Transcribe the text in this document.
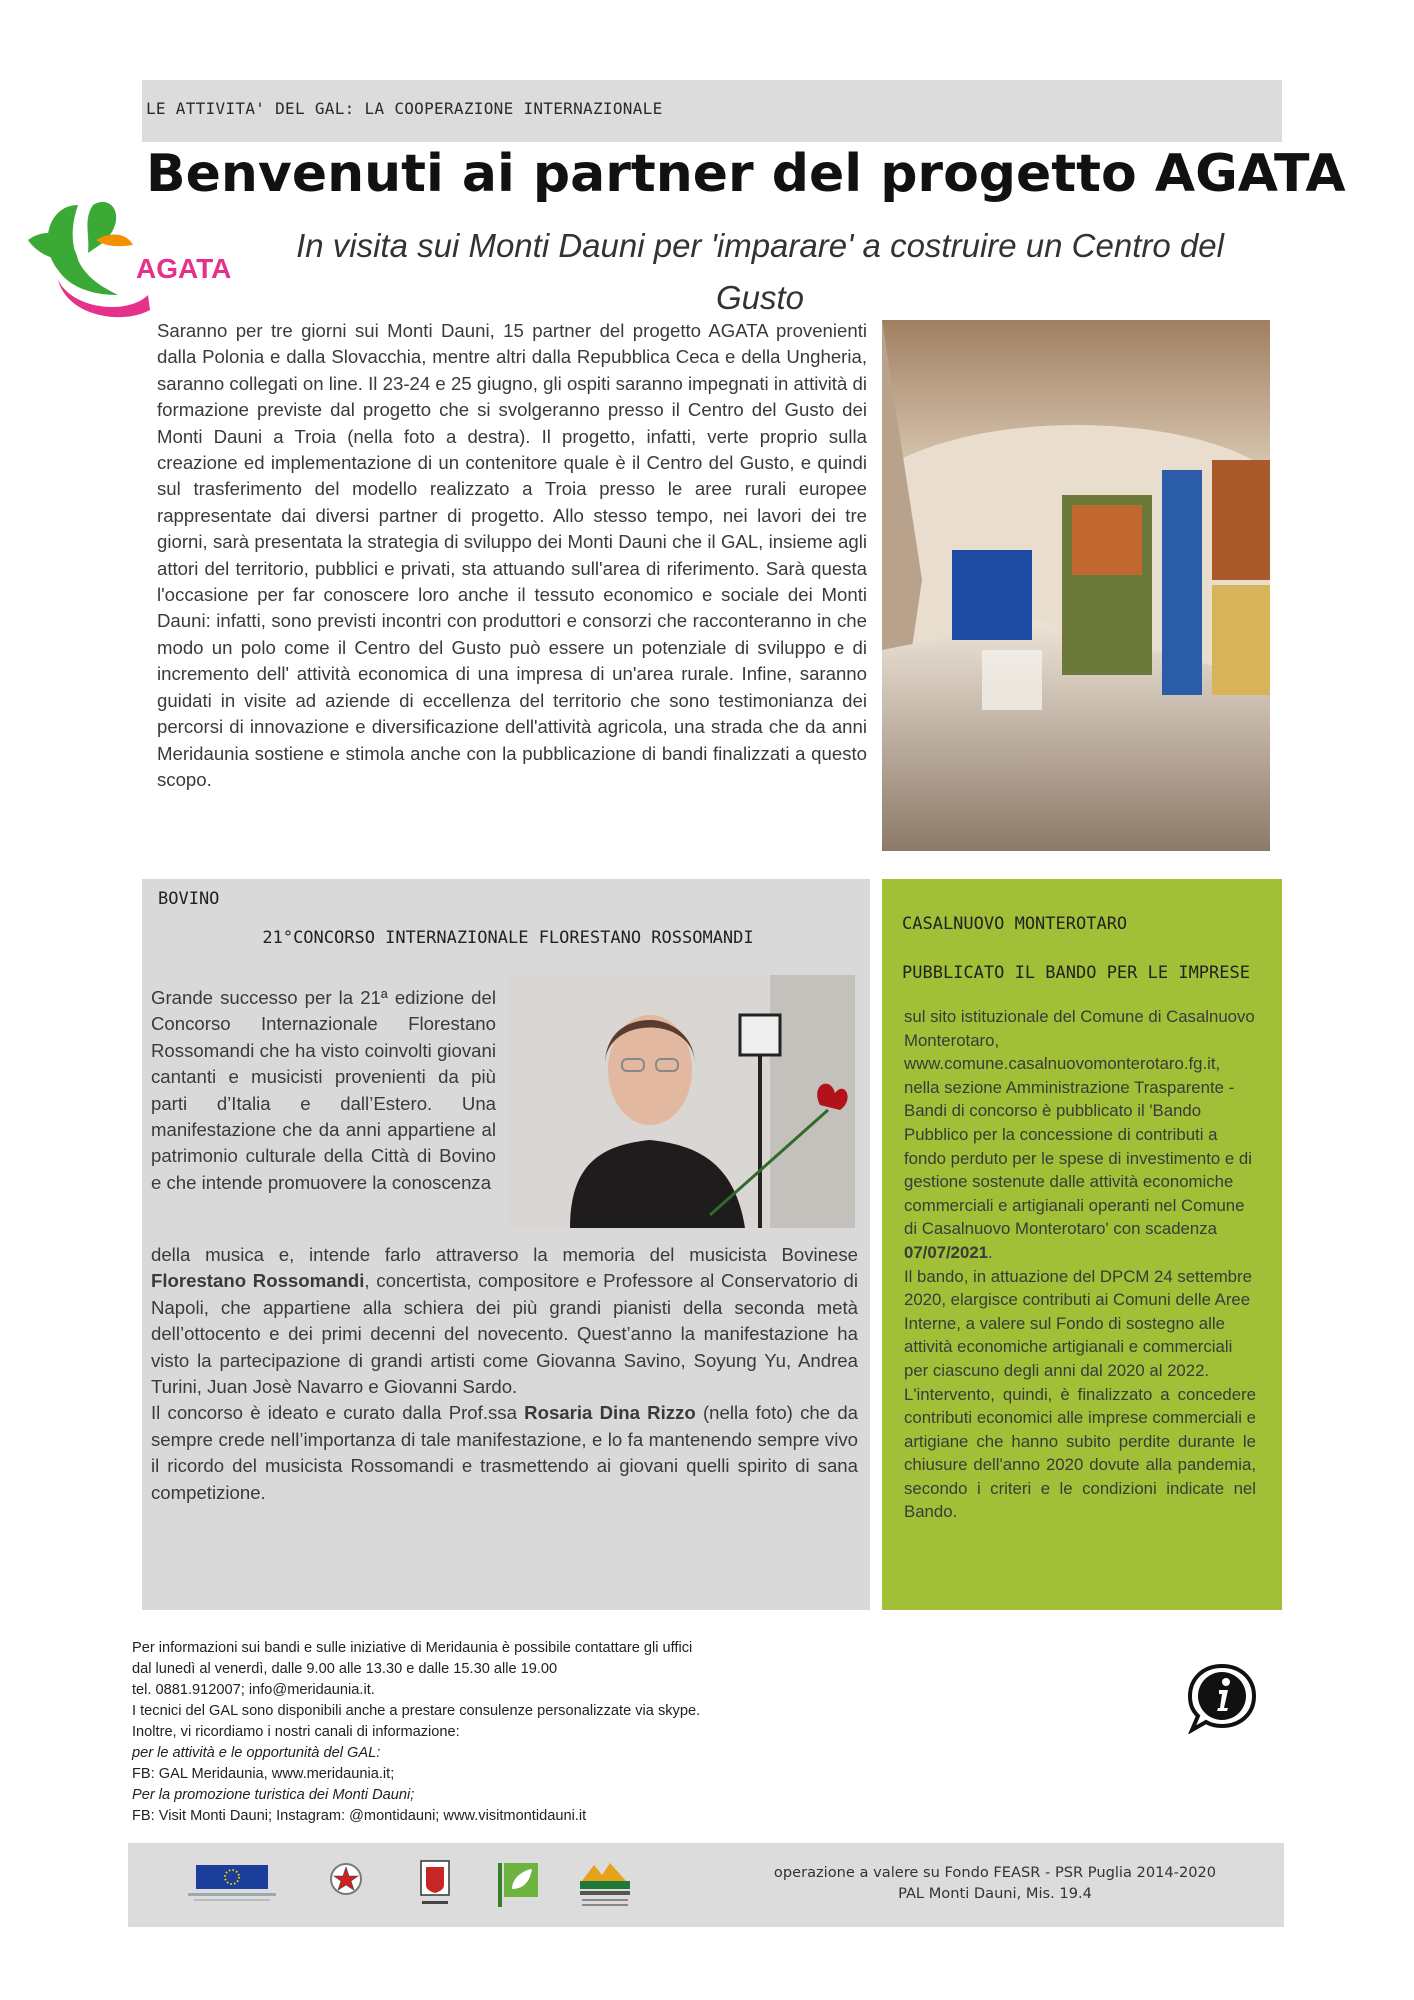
LE ATTIVITA' DEL GAL: LA COOPERAZIONE INTERNAZIONALE
Benvenuti ai partner del progetto AGATA
AGATA
In visita sui Monti Dauni per 'imparare' a costruire un Centro del Gusto
Saranno per tre giorni sui Monti Dauni, 15 partner del progetto AGATA provenienti dalla Polonia e dalla Slovacchia, mentre altri dalla Repubblica Ceca e della Ungheria, saranno collegati on line. Il 23-24 e 25 giugno, gli ospiti saranno impegnati in attività di formazione previste dal progetto che si svolgeranno presso il Centro del Gusto dei Monti Dauni a Troia (nella foto a destra). Il progetto, infatti, verte proprio sulla creazione ed implementazione di un contenitore quale è il Centro del Gusto, e quindi sul trasferimento del modello realizzato a Troia presso le aree rurali europee rappresentate dai diversi partner di progetto. Allo stesso tempo, nei lavori dei tre giorni, sarà presentata la strategia di sviluppo dei Monti Dauni che il GAL, insieme agli attori del territorio, pubblici e privati, sta attuando sull'area di riferimento. Sarà questa l'occasione per far conoscere loro anche il tessuto economico e sociale dei Monti Dauni: infatti, sono previsti incontri con produttori e consorzi che racconteranno in che modo un polo come il Centro del Gusto può essere un potenziale di sviluppo e di incremento dell' attività economica di una impresa di un'area rurale. Infine, saranno guidati in visite ad aziende di eccellenza del territorio che sono testimonianza dei percorsi di innovazione e diversificazione dell'attività agricola, una strada che da anni Meridaunia sostiene e stimola anche con la pubblicazione di bandi finalizzati a questo scopo.
BOVINO
21°CONCORSO INTERNAZIONALE FLORESTANO ROSSOMANDI
Grande successo per la 21ª edizione del Concorso Internazionale Florestano Rossomandi che ha visto coinvolti giovani cantanti e musicisti provenienti da più parti d’Italia e dall’Estero. Una manifestazione che da anni appartiene al patrimonio culturale della Città di Bovino e che intende promuovere la conoscenza
della musica e, intende farlo attraverso la memoria del musicista Bovinese Florestano Rossomandi, concertista, compositore e Professore al Conservatorio di Napoli, che appartiene alla schiera dei più grandi pianisti della seconda metà dell’ottocento e dei primi decenni del novecento. Quest’anno la manifestazione ha visto la partecipazione di grandi artisti come Giovanna Savino, Soyung Yu, Andrea Turini, Juan Josè Navarro e Giovanni Sardo.
Il concorso è ideato e curato dalla Prof.ssa Rosaria Dina Rizzo (nella foto) che da sempre crede nell’importanza di tale manifestazione, e lo fa mantenendo sempre vivo il ricordo del musicista Rossomandi e trasmettendo ai giovani quelli spirito di sana competizione.
CASALNUOVO MONTEROTARO
PUBBLICATO IL BANDO PER LE IMPRESE
sul sito istituzionale del Comune di Casalnuovo Monterotaro, www.comune.casalnuovomonterotaro.fg.it, nella sezione Amministrazione Trasparente - Bandi di concorso è pubblicato il 'Bando Pubblico per la concessione di contributi a fondo perduto per le spese di investimento e di gestione sostenute dalle attività economiche commerciali e artigianali operanti nel Comune di Casalnuovo Monterotaro' con scadenza 07/07/2021.
Il bando, in attuazione del DPCM 24 settembre 2020, elargisce contributi ai Comuni delle Aree Interne, a valere sul Fondo di sostegno alle attività economiche artigianali e commerciali per ciascuno degli anni dal 2020 al 2022.
L'intervento, quindi, è finalizzato a concedere contributi economici alle imprese commerciali e artigiane che hanno subito perdite durante le chiusure dell'anno 2020 dovute alla pandemia, secondo i criteri e le condizioni indicate nel Bando.
Per informazioni sui bandi e sulle iniziative di Meridaunia è possibile contattare gli uffici
dal lunedì al venerdì, dalle 9.00 alle 13.30 e dalle 15.30 alle 19.00
tel. 0881.912007; info@meridaunia.it.
I tecnici del GAL sono disponibili anche a prestare consulenze personalizzate via skype.
Inoltre, vi ricordiamo i nostri canali di informazione:
per le attività e le opportunità del GAL:
FB: GAL Meridaunia, www.meridaunia.it;
Per la promozione turistica dei Monti Dauni;
FB: Visit Monti Dauni; Instagram: @montidauni; www.visitmontidauni.it
operazione a valere su Fondo FEASR - PSR Puglia 2014-2020
PAL Monti Dauni, Mis. 19.4
